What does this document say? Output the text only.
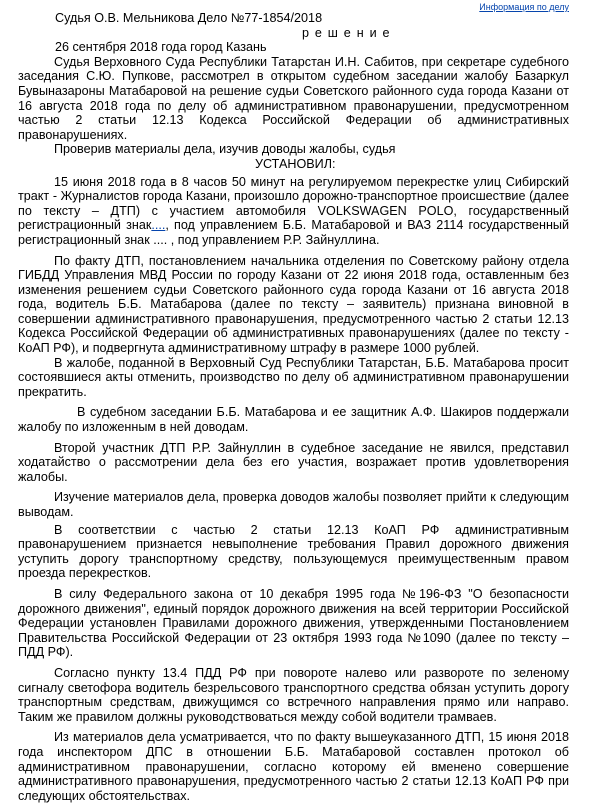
Информация по делу

Судья О.В. Мельникова Дело №77-1854/2018

р е ш е н и е

26 сентября 2018 года город Казань

Судья Верховного Суда Республики Татарстан И.Н. Сабитов, при секретаре судебного заседания С.Ю. Пупкове, рассмотрел в открытом судебном заседании жалобу Базаркул Бувыназароны Матабаровой на решение судьи Советского районного суда города Казани от 16 августа 2018 года по делу об административном правонарушении, предусмотренном частью 2 статьи 12.13 Кодекса Российской Федерации об административных правонарушениях.

Проверив материалы дела, изучив доводы жалобы, судья

УСТАНОВИЛ:

15 июня 2018 года в 8 часов 50 минут на регулируемом перекрестке улиц Сибирский тракт - Журналистов города Казани, произошло дорожно-транспортное происшествие (далее по тексту – ДТП) с участием автомобиля VOLKSWAGEN POLO, государственный регистрационный знак...., под управлением Б.Б. Матабаровой и ВАЗ 2114 государственный регистрационный знак .... , под управлением Р.Р. Зайнуллина.

По факту ДТП, постановлением начальника отделения по Советскому району отдела ГИБДД Управления МВД России по городу Казани от 22 июня 2018 года, оставленным без изменения решением судьи Советского районного суда города Казани от 16 августа 2018 года, водитель Б.Б. Матабарова (далее по тексту – заявитель) признана виновной в совершении административного правонарушения, предусмотренного частью 2 статьи 12.13 Кодекса Российской Федерации об административных правонарушениях (далее по тексту - КоАП РФ), и подвергнута административному штрафу в размере 1000 рублей.

В жалобе, поданной в Верховный Суд Республики Татарстан, Б.Б. Матабарова просит состоявшиеся акты отменить, производство по делу об административном правонарушении прекратить.

В судебном заседании Б.Б. Матабарова и ее защитник А.Ф. Шакиров поддержали жалобу по изложенным в ней доводам.

Второй участник ДТП Р.Р. Зайнуллин в судебное заседание не явился, представил ходатайство о рассмотрении дела без его участия, возражает против удовлетворения жалобы.

Изучение материалов дела, проверка доводов жалобы позволяет прийти к следующим выводам.

В соответствии с частью 2 статьи 12.13 КоАП РФ административным правонарушением признается невыполнение требования Правил дорожного движения уступить дорогу транспортному средству, пользующемуся преимущественным правом проезда перекрестков.

В силу Федерального закона от 10 декабря 1995 года №196-ФЗ "О безопасности дорожного движения", единый порядок дорожного движения на всей территории Российской Федерации установлен Правилами дорожного движения, утвержденными Постановлением Правительства Российской Федерации от 23 октября 1993 года №1090 (далее по тексту – ПДД РФ).

Согласно пункту 13.4 ПДД РФ при повороте налево или развороте по зеленому сигналу светофора водитель безрельсового транспортного средства обязан уступить дорогу транспортным средствам, движущимся со встречного направления прямо или направо. Таким же правилом должны руководствоваться между собой водители трамваев.

Из материалов дела усматривается, что по факту вышеуказанного ДТП, 15 июня 2018 года инспектором ДПС в отношении Б.Б. Матабаровой составлен протокол об административном правонарушении, согласно которому ей вменено совершение административного правонарушения, предусмотренного частью 2 статьи 12.13 КоАП РФ при следующих обстоятельствах.
